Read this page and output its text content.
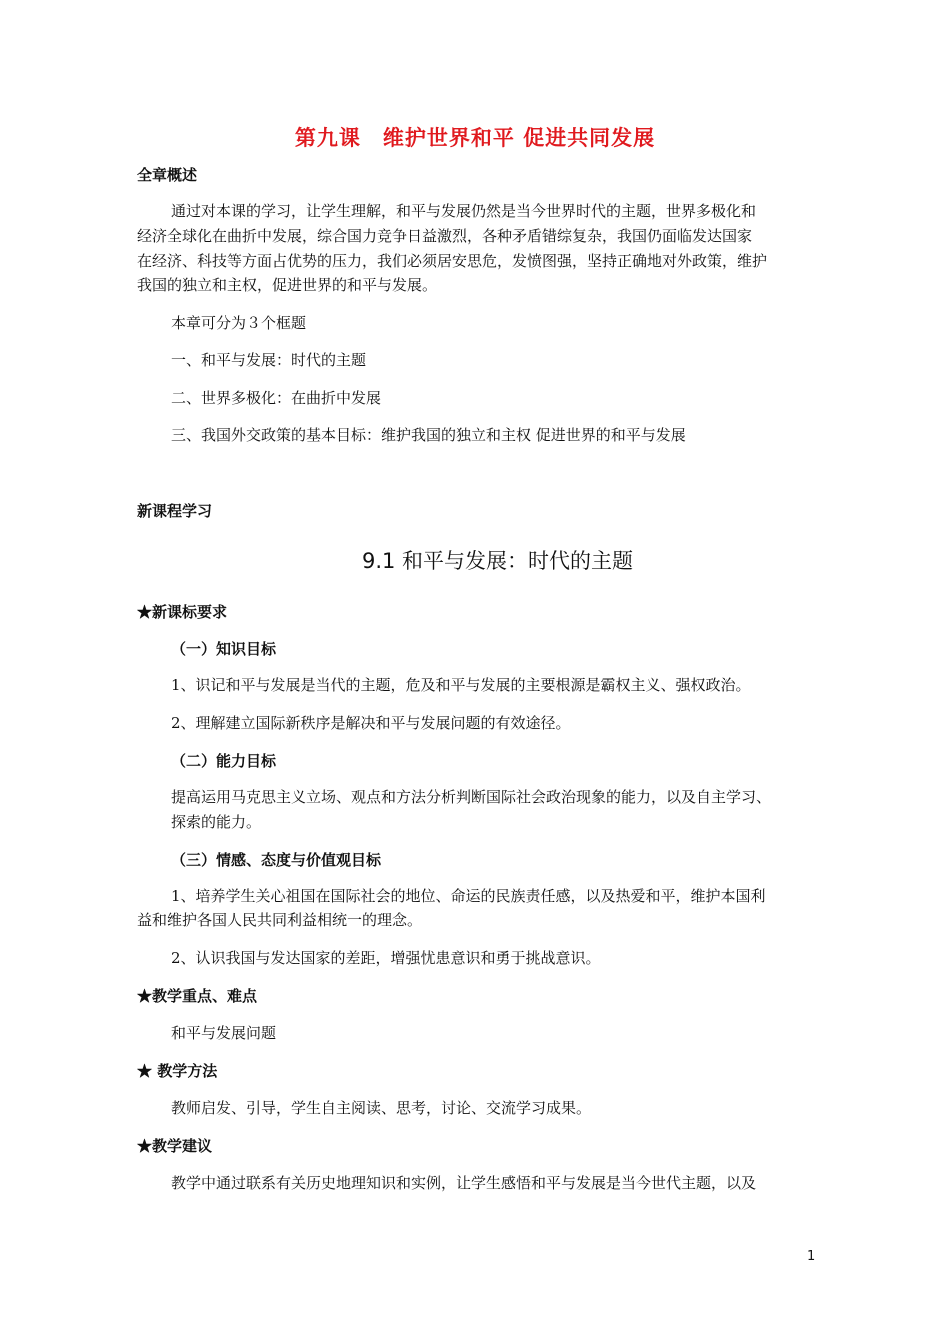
第九课　维护世界和平 促进共同发展
全章概述
通过对本课的学习，让学生理解，和平与发展仍然是当今世界时代的主题，世界多极化和
经济全球化在曲折中发展，综合国力竞争日益激烈，各种矛盾错综复杂，我国仍面临发达国家
在经济、科技等方面占优势的压力，我们必须居安思危，发愤图强，坚持正确地对外政策，维护
我国的独立和主权，促进世界的和平与发展。
本章可分为３个框题
一、和平与发展：时代的主题
二、世界多极化：在曲折中发展
三、我国外交政策的基本目标：维护我国的独立和主权 促进世界的和平与发展
新课程学习
9.1 和平与发展：时代的主题
★新课标要求
（一）知识目标
1、识记和平与发展是当代的主题，危及和平与发展的主要根源是霸权主义、强权政治。
2、理解建立国际新秩序是解决和平与发展问题的有效途径。
（二）能力目标
提高运用马克思主义立场、观点和方法分析判断国际社会政治现象的能力，以及自主学习、
探索的能力。
（三）情感、态度与价值观目标
1、培养学生关心祖国在国际社会的地位、命运的民族责任感，以及热爱和平，维护本国利
益和维护各国人民共同利益相统一的理念。
2、认识我国与发达国家的差距，增强忧患意识和勇于挑战意识。
★教学重点、难点
和平与发展问题
★ 教学方法
教师启发、引导，学生自主阅读、思考，讨论、交流学习成果。
★教学建议
教学中通过联系有关历史地理知识和实例，让学生感悟和平与发展是当今世代主题，以及
1
